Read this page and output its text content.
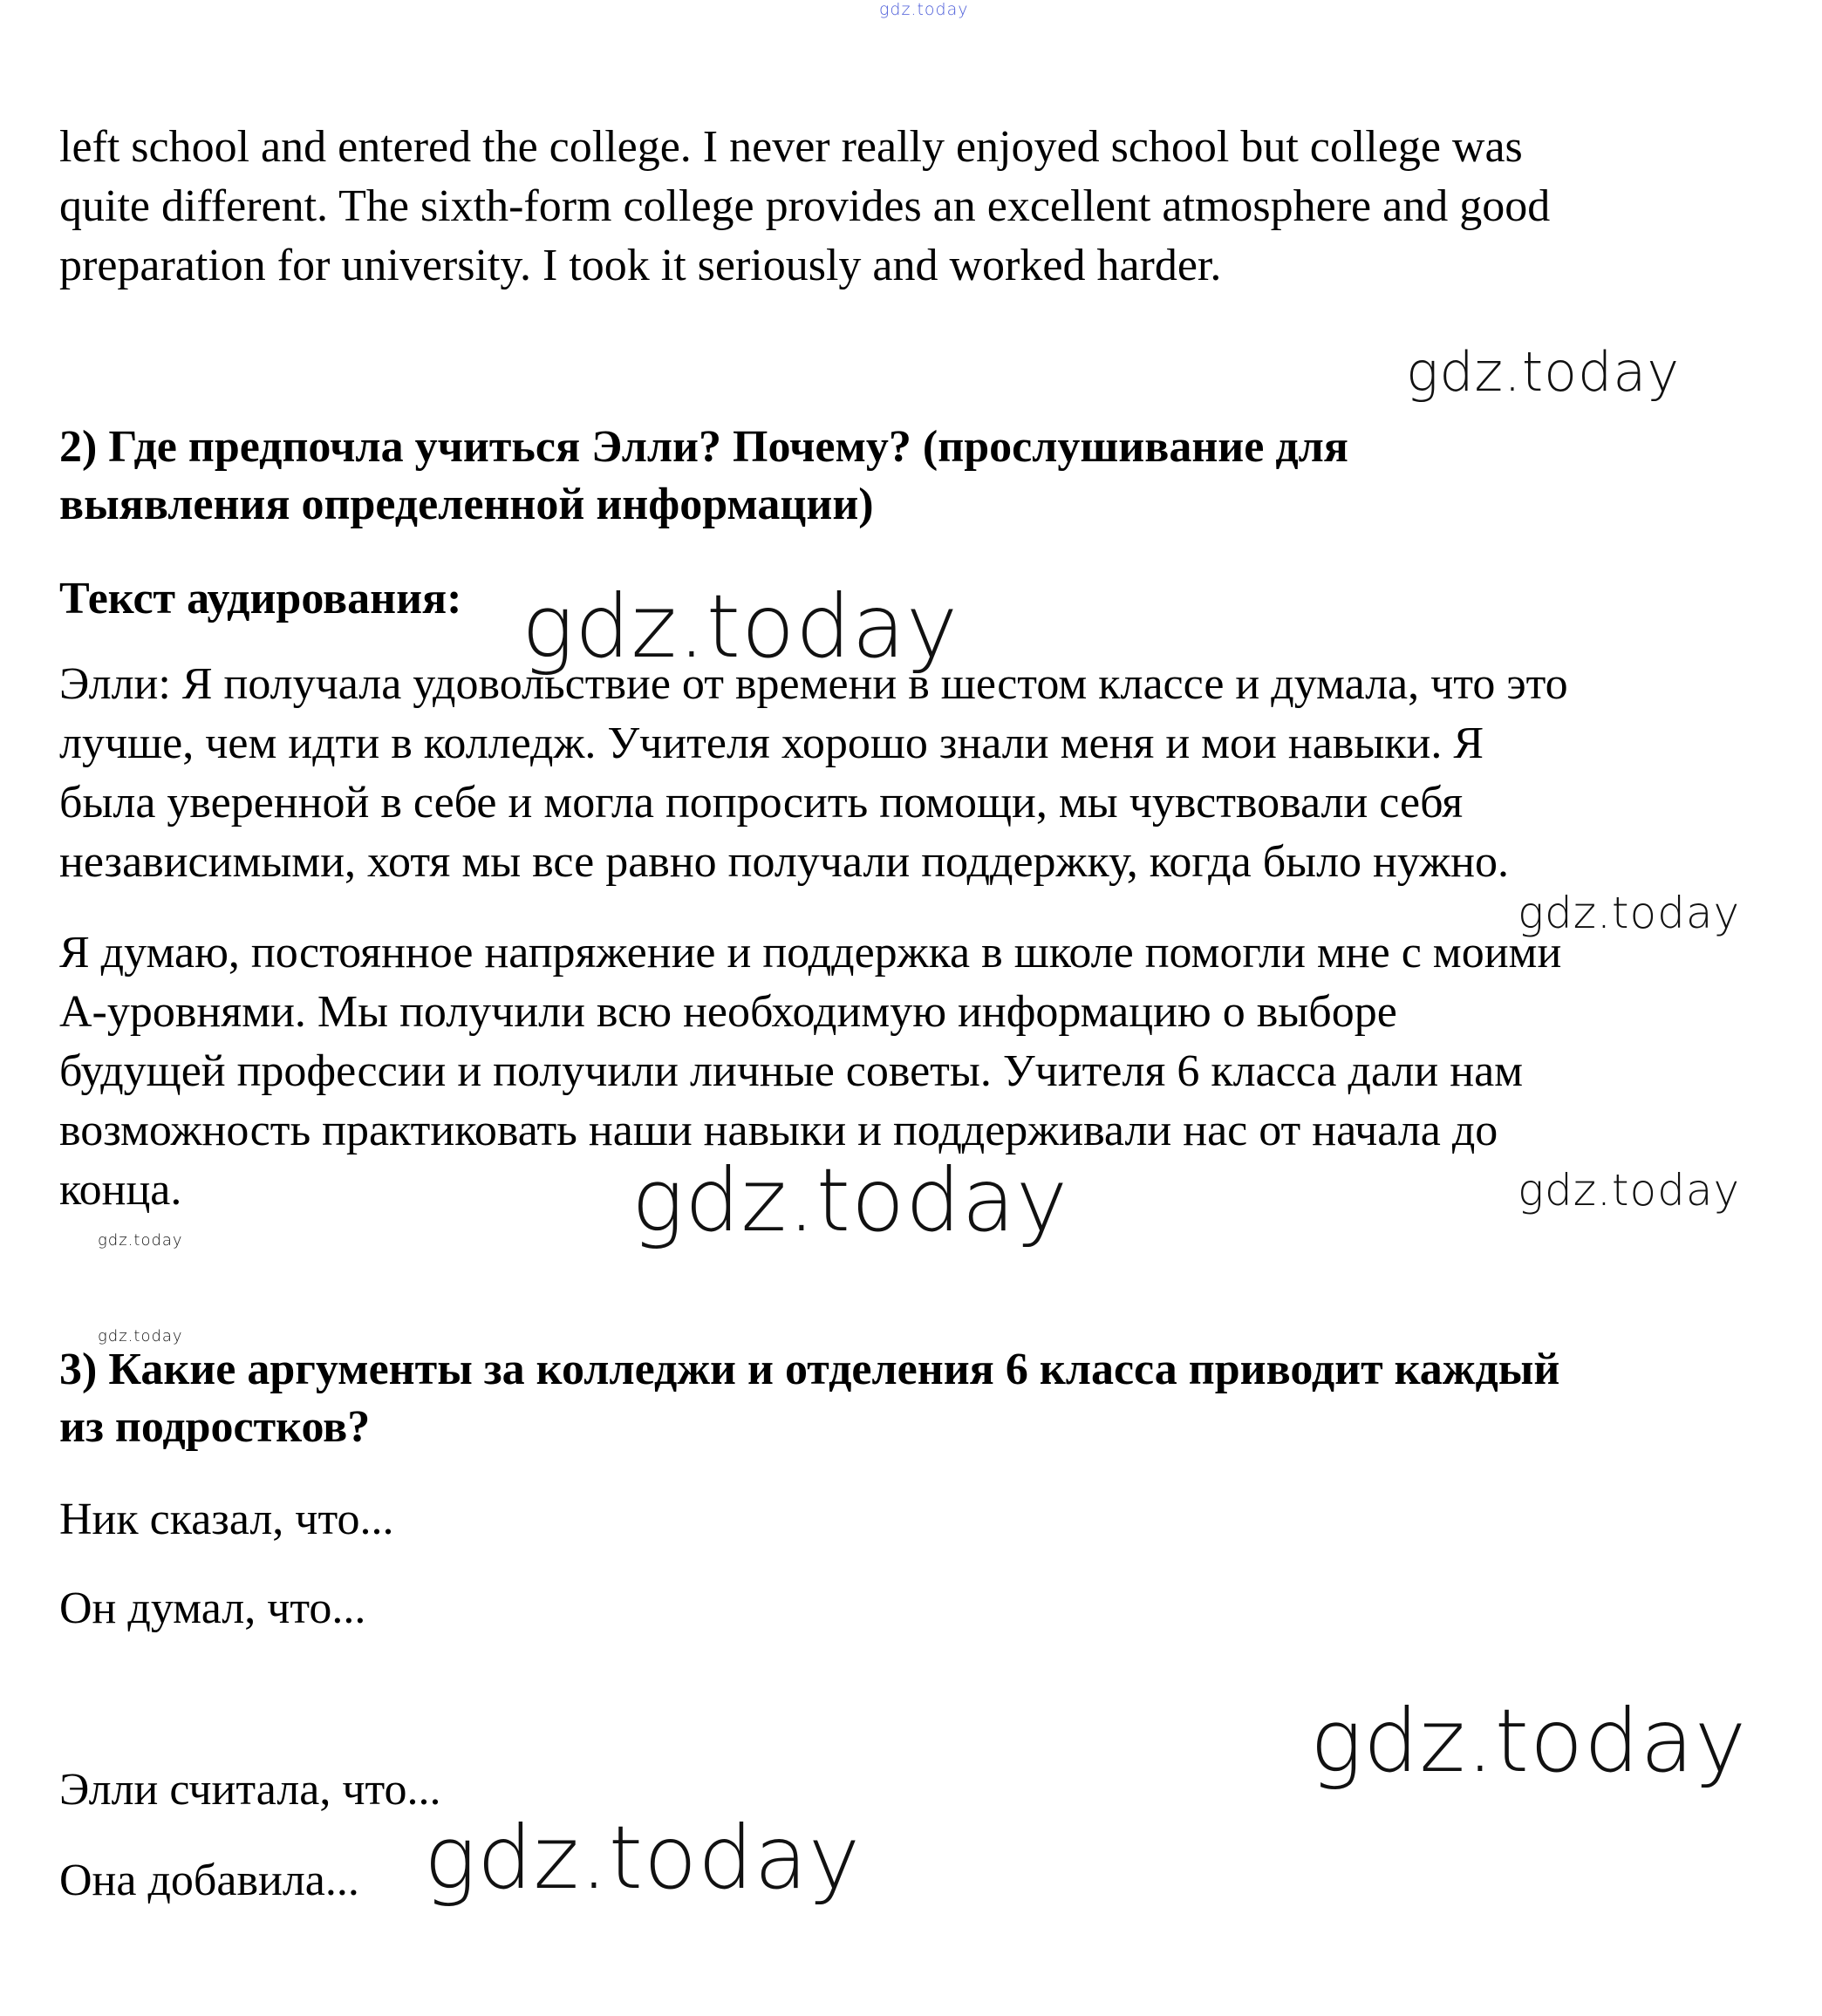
gdz.today
left school and entered the college. I never really enjoyed school but college was
quite different. The sixth-form college provides an excellent atmosphere and good
preparation for university. I took it seriously and worked harder.
gdz.today
2) Где предпочла учиться Элли? Почему? (прослушивание для
выявления определенной информации)
Текст аудирования: gdz.today
Элли: Я получала удовольствие от времени в шестом классе и думала, что это
лучше, чем идти в колледж. Учителя хорошо знали меня и мои навыки. Я
была уверенной в себе и могла попросить помощи, мы чувствовали себя
независимыми, хотя мы все равно получали поддержку, когда было нужно.
gdz.today
Я думаю, постоянное напряжение и поддержка в школе помогли мне с моими
А-уровнями. Мы получили всю необходимую информацию о выборе
будущей профессии и получили личные советы. Учителя 6 класса дали нам
возможность практиковать наши навыки и поддерживали нас от начала до
конца.	gdz.today	gdz.today
gdz.today
gdz.today
3) Какие аргументы за колледжи и отделения 6 класса приводит каждый
из подростков?
Ник сказал, что...
Он думал, что...
gdz.today
Элли считала, что...
gdz.today
Она добавила...
